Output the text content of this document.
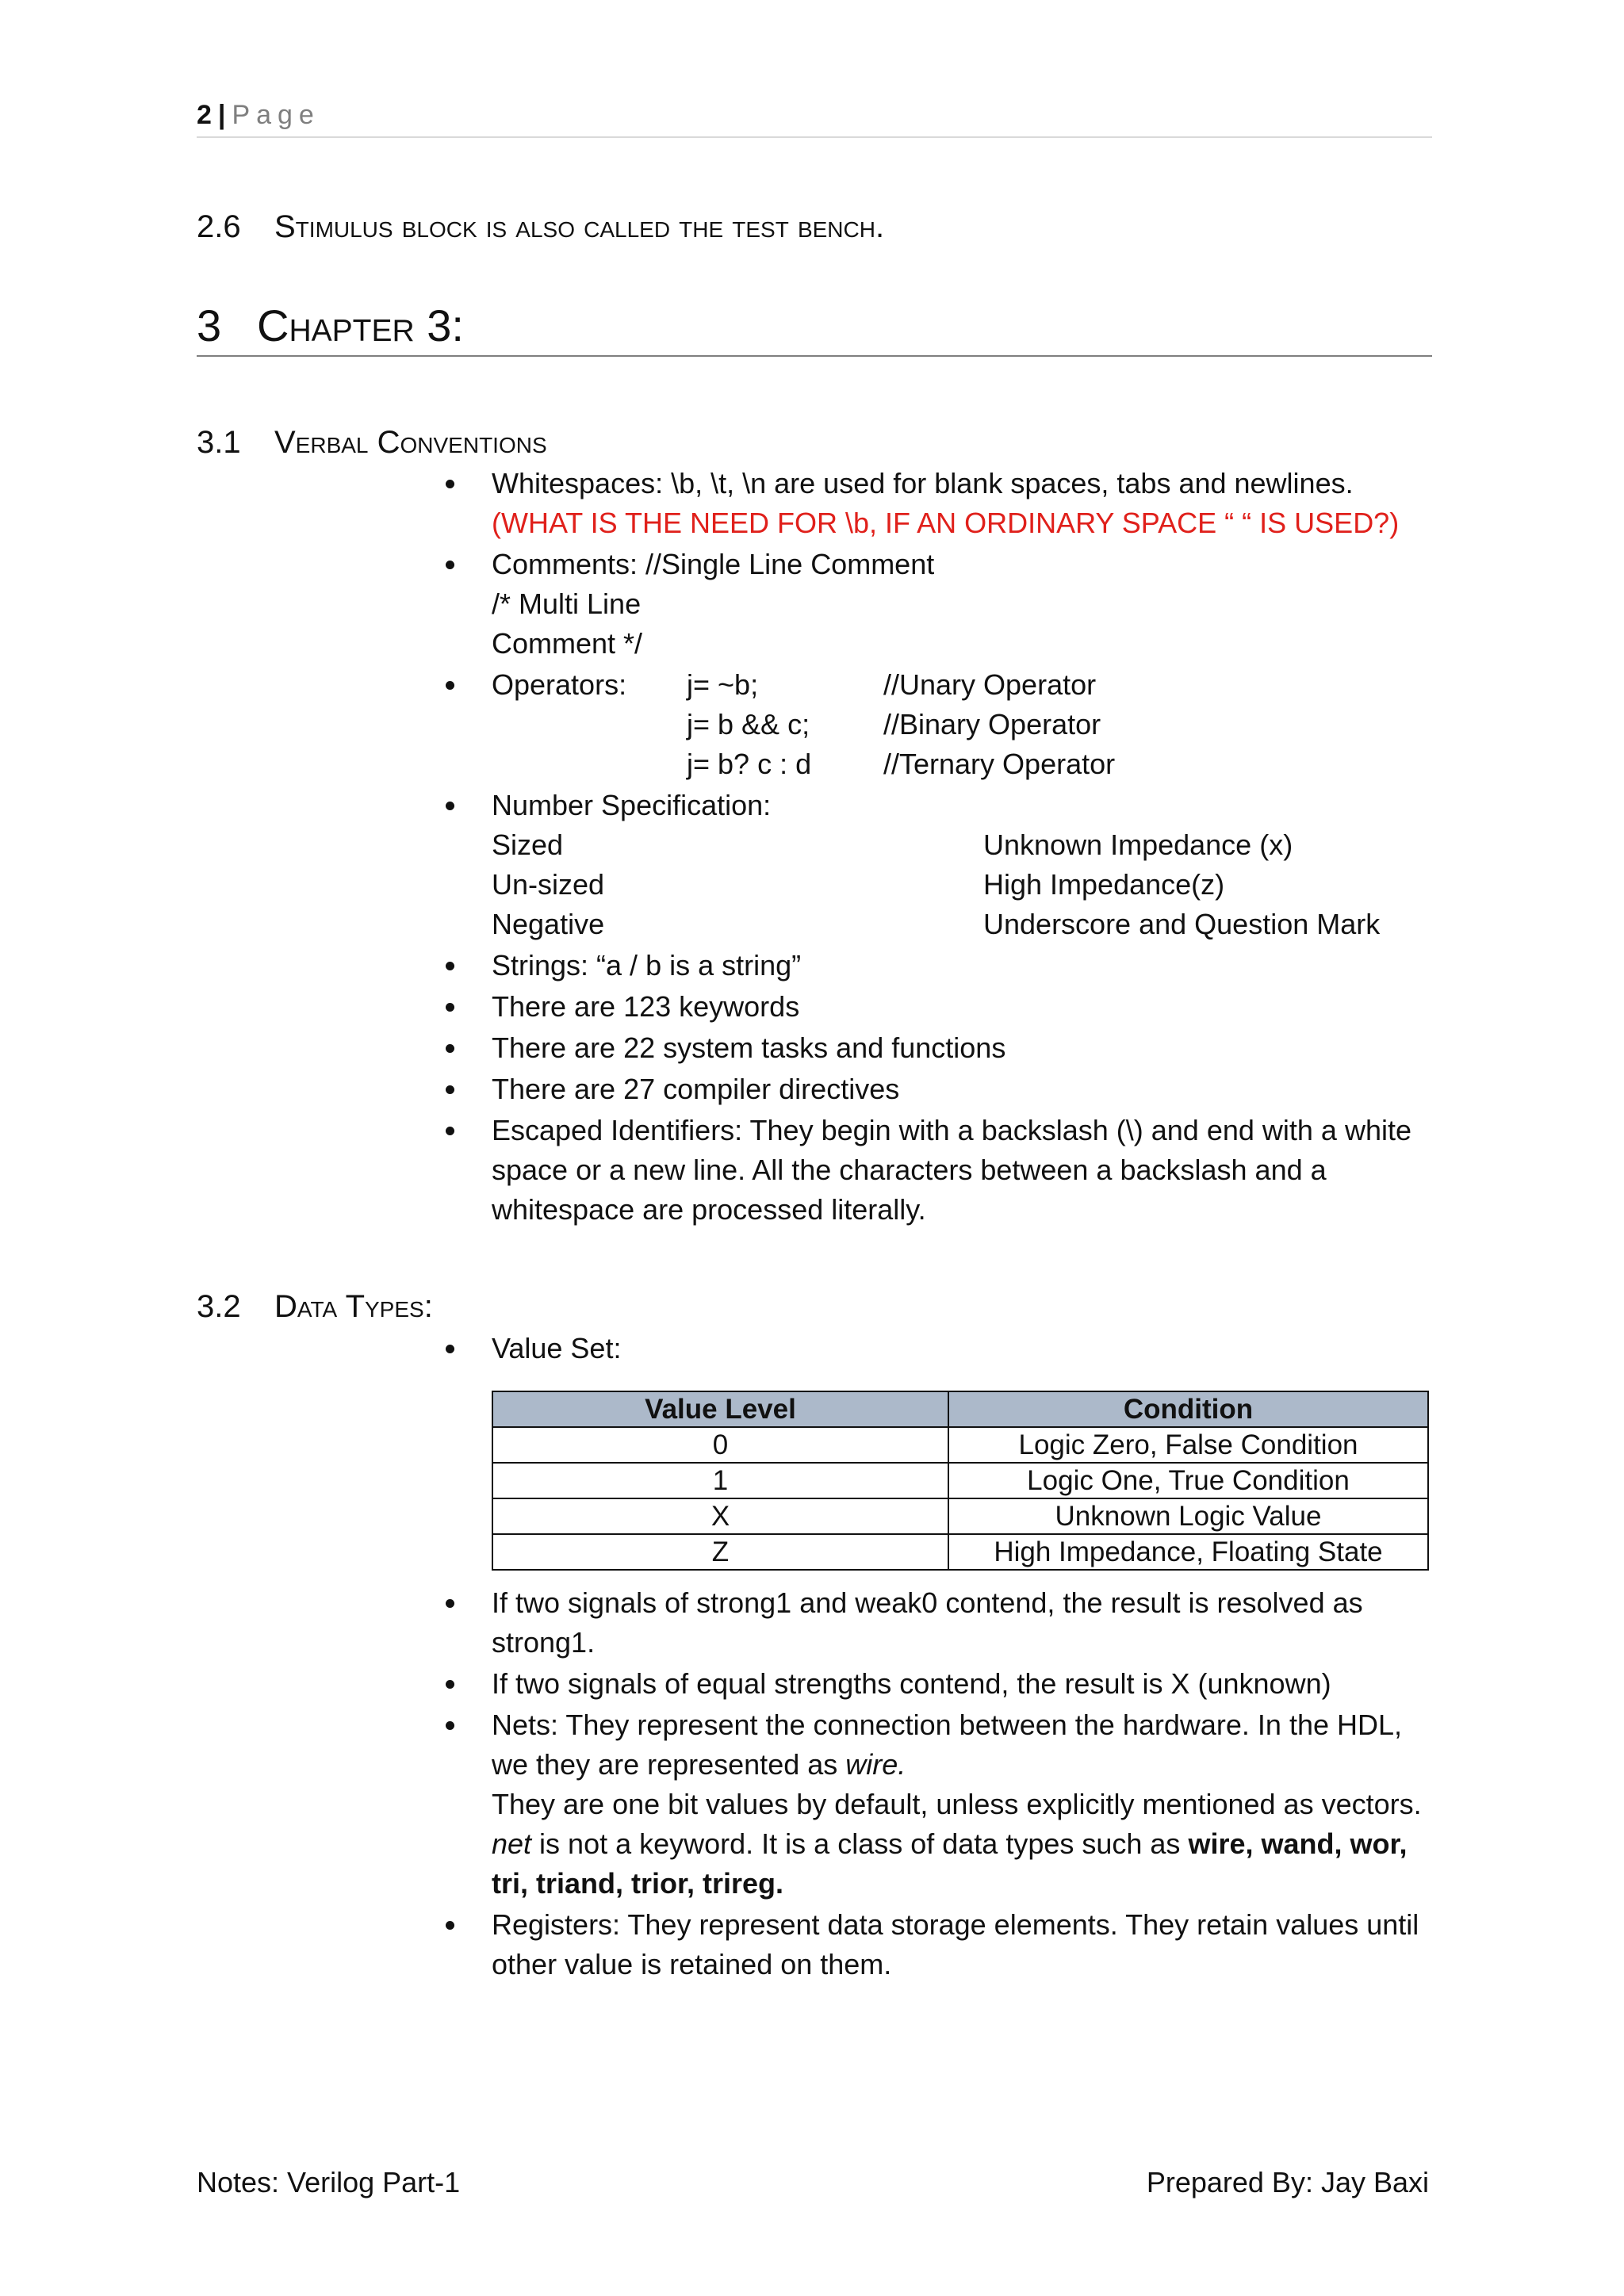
2 | Page
2.6 Stimulus block is also called the test bench.
3 Chapter 3:
3.1 Verbal Conventions
Whitespaces: \b, \t, \n are used for blank spaces, tabs and newlines.
(WHAT IS THE NEED FOR \b, IF AN ORDINARY SPACE “ “ IS USED?)
Comments: //Single Line Comment
/* Multi Line
Comment */
Operators:	j= ~b;	//Unary Operator
j= b && c;	//Binary Operator
j= b? c : d	//Ternary Operator
Number Specification:
Sized	Unknown Impedance (x)
Un-sized	High Impedance(z)
Negative	Underscore and Question Mark
Strings: “a / b is a string”
There are 123 keywords
There are 22 system tasks and functions
There are 27 compiler directives
Escaped Identifiers: They begin with a backslash (\) and end with a white space or a new line. All the characters between a backslash and a whitespace are processed literally.
3.2 Data Types:
Value Set:
Value Level	Condition
0	Logic Zero, False Condition
1	Logic One, True Condition
X	Unknown Logic Value
Z	High Impedance, Floating State
If two signals of strong1 and weak0 contend, the result is resolved as strong1.
If two signals of equal strengths contend, the result is X (unknown)
Nets: They represent the connection between the hardware. In the HDL, we they are represented as wire.
They are one bit values by default, unless explicitly mentioned as vectors.
net is not a keyword. It is a class of data types such as wire, wand, wor, tri, triand, trior, trireg.
Registers: They represent data storage elements. They retain values until other value is retained on them.
Notes: Verilog Part-1	Prepared By: Jay Baxi
